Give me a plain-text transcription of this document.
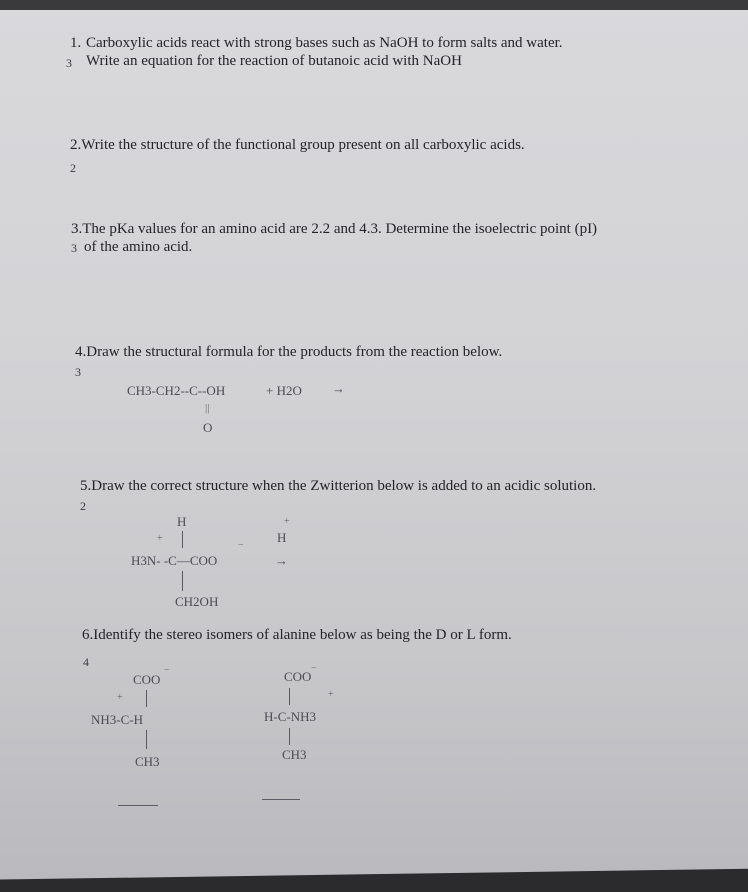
1. Carboxylic acids react with strong bases such as NaOH to form salts and water.
3 Write an equation for the reaction of butanoic acid with NaOH
2.Write the structure of the functional group present on all carboxylic acids.
2
3.The pKa values for an amino acid are 2.2 and 4.3. Determine the isoelectric point (pI)
3 of the amino acid.
4.Draw the structural formula for the products from the reaction below.
3
CH3-CH2--C--OH	+ H2O →
||
O
5.Draw the correct structure when the Zwitterion below is added to an acidic solution.
2
H
+
H3N- -C—COO
−
CH2OH
+
H
→
6.Identify the stereo isomers of alanine below as being the D or L form.
4
−
COO
+
NH3-C-H
CH3
−
COO
+
H-C-NH3
CH3
